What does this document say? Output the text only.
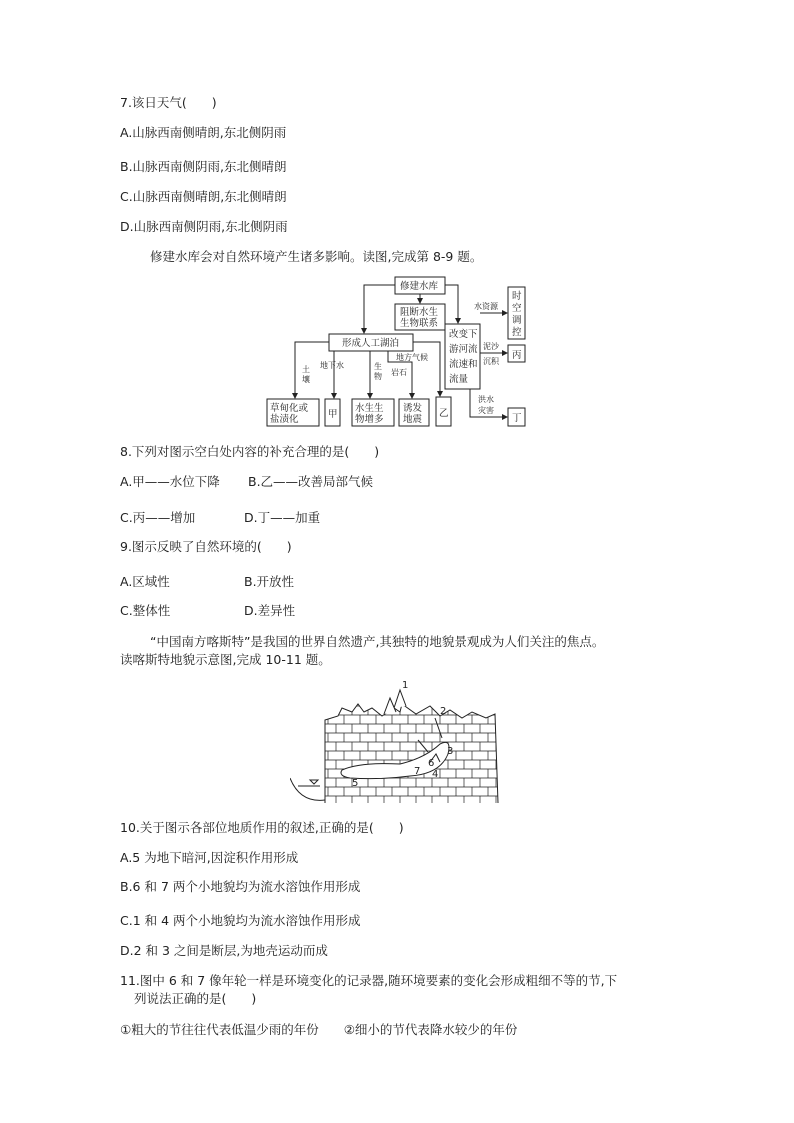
7.该日天气(　　)
A.山脉西南侧晴朗,东北侧阴雨
B.山脉西南侧阴雨,东北侧晴朗
C.山脉西南侧晴朗,东北侧晴朗
D.山脉西南侧阴雨,东北侧阴雨
修建水库会对自然环境产生诸多影响。读图,完成第 8-9 题。
修建水库
阻断水生
生物联系
形成人工湖泊
改变下
游河流
流速和
流量
时
空
调
控
丙
丁
草甸化或
盐渍化	甲
水生生
物增多
诱发
地震
乙
土
壤
地下水	生
物
地方气候
岩石
水资源
泥沙
沉积
洪水
灾害
8.下列对图示空白处内容的补充合理的是(　　)
A.甲——水位下降 B.乙——改善局部气候
C.丙——增加	D.丁——加重
9.图示反映了自然环境的(　　)
A.区域性	B.开放性
C.整体性	D.差异性
“中国南方喀斯特”是我国的世界自然遗产,其独特的地貌景观成为人们关注的焦点。
读喀斯特地貌示意图,完成 10-11 题。
1
2
3
4
5
6
7
10.关于图示各部位地质作用的叙述,正确的是(　　)
A.5 为地下暗河,因淀积作用形成
B.6 和 7 两个小地貌均为流水溶蚀作用形成
C.1 和 4 两个小地貌均为流水溶蚀作用形成
D.2 和 3 之间是断层,为地壳运动而成
11.图中 6 和 7 像年轮一样是环境变化的记录器,随环境要素的变化会形成粗细不等的节,下
列说法正确的是(　　)
①粗大的节往往代表低温少雨的年份　　②细小的节代表降水较少的年份
